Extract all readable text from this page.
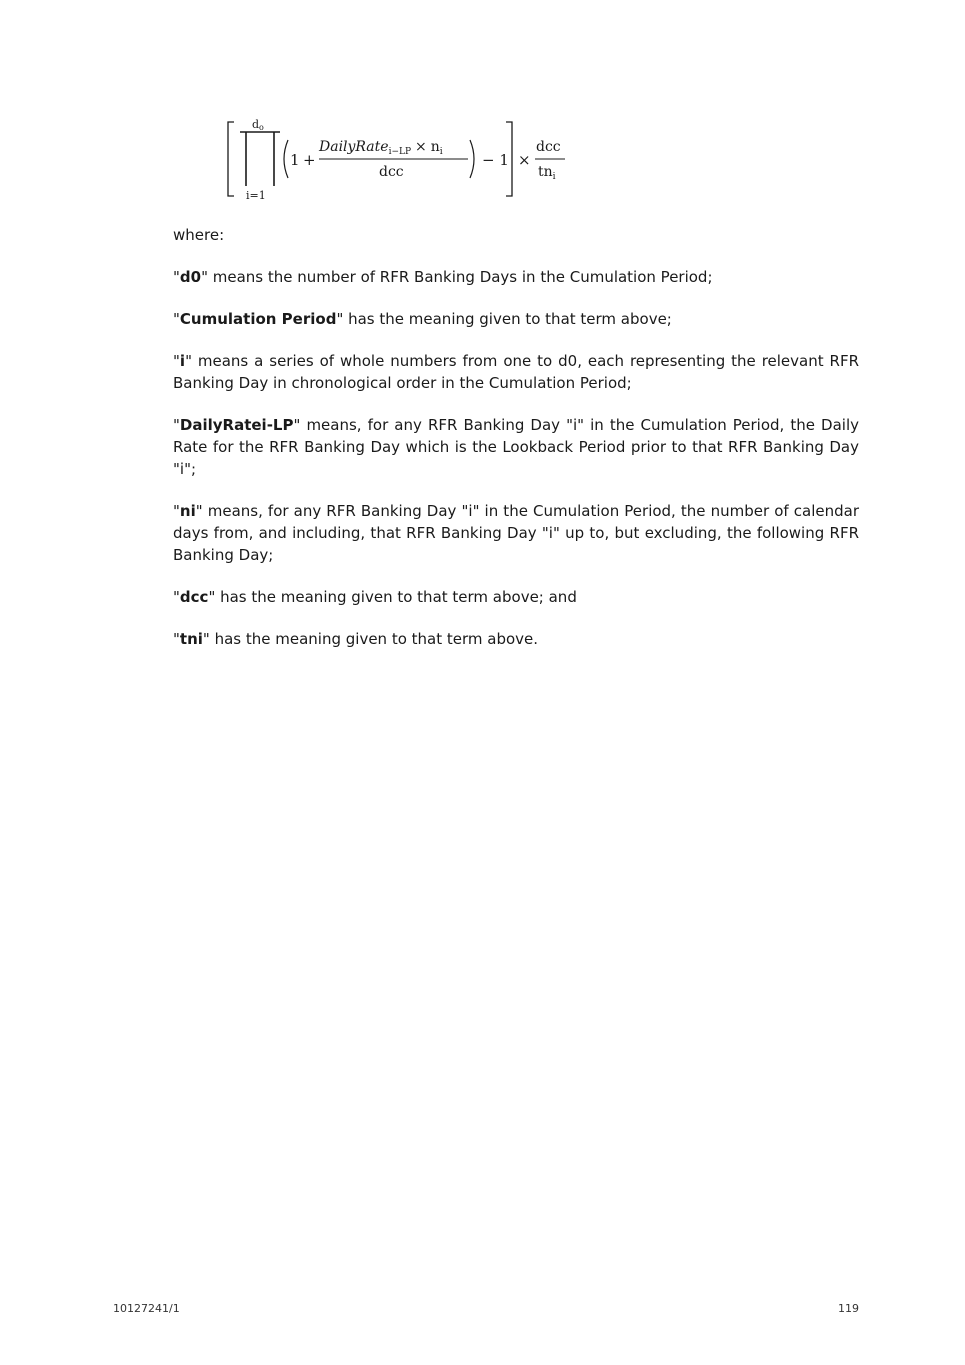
do
i=1
1 +
DailyRate$_{i-LP}$ × $n_i$
dcc
− 1 ×
dcc
$tn_i$

where:

"d0" means the number of RFR Banking Days in the Cumulation Period;

"Cumulation Period" has the meaning given to that term above;

"i" means a series of whole numbers from one to d0, each representing the relevant RFR Banking Day in chronological order in the Cumulation Period;

"DailyRatei-LP" means, for any RFR Banking Day "i" in the Cumulation Period, the Daily Rate for the RFR Banking Day which is the Lookback Period prior to that RFR Banking Day "i";

"ni" means, for any RFR Banking Day "i" in the Cumulation Period, the number of calendar days from, and including, that RFR Banking Day "i" up to, but excluding, the following RFR Banking Day;

"dcc" has the meaning given to that term above; and

"tni" has the meaning given to that term above.

10127241/1	119
